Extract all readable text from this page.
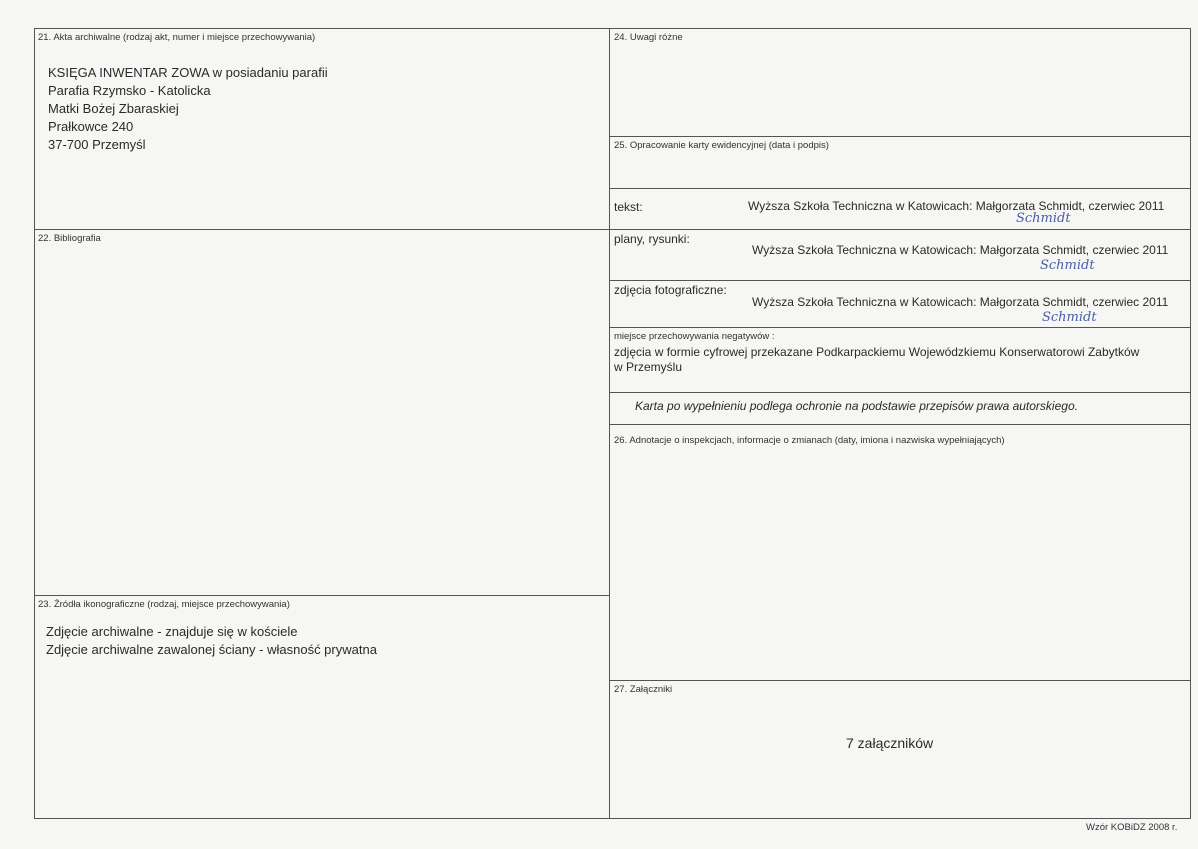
21. Akta archiwalne (rodzaj akt, numer i miejsce przechowywania)
KSIĘGA INWENTAR ZOWA w posiadaniu parafii
Parafia Rzymsko - Katolicka
Matki Bożej Zbaraskiej
Prałkowce 240
37-700 Przemyśl
22. Bibliografia
23. Źródła ikonograficzne (rodzaj, miejsce przechowywania)
Zdjęcie archiwalne - znajduje się w kościele
Zdjęcie archiwalne zawalonej ściany - własność prywatna
24. Uwagi różne
25. Opracowanie karty ewidencyjnej (data i podpis)
tekst:	Wyższa Szkoła Techniczna w Katowicach: Małgorzata Schmidt, czerwiec 2011
Schmidt
plany, rysunki:
Wyższa Szkoła Techniczna w Katowicach: Małgorzata Schmidt, czerwiec 2011
Schmidt
zdjęcia fotograficzne:
Wyższa Szkoła Techniczna w Katowicach: Małgorzata Schmidt, czerwiec 2011
Schmidt
miejsce przechowywania negatywów :
zdjęcia w formie cyfrowej przekazane Podkarpackiemu Wojewódzkiemu Konserwatorowi Zabytków
w Przemyślu
Karta po wypełnieniu podlega ochronie na podstawie przepisów prawa autorskiego.
26. Adnotacje o inspekcjach, informacje o zmianach (daty, imiona i nazwiska wypełniających)
27. Załączniki
7 załączników
Wzór KOBiDZ 2008 r.
